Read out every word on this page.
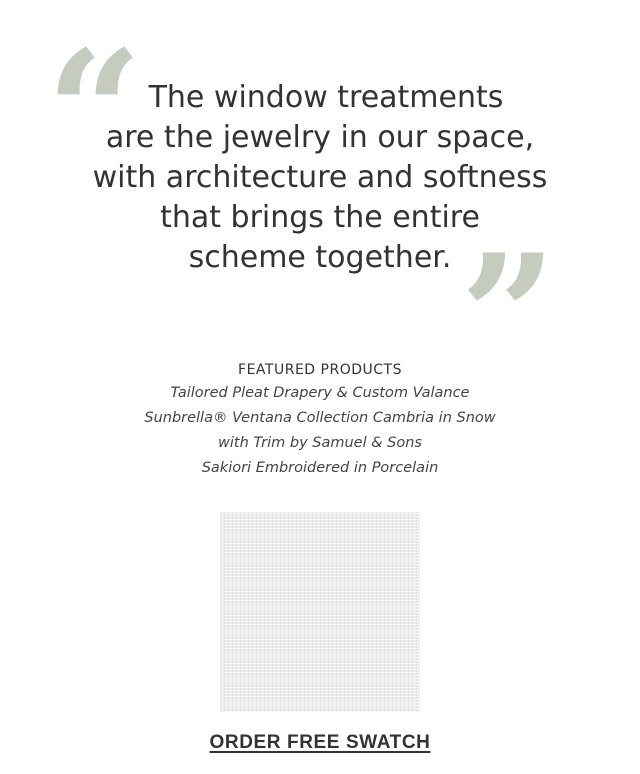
“ The window treatments
are the jewelry in our space,
with architecture and softness
that brings the entire
scheme together. ”
FEATURED PRODUCTS
Tailored Pleat Drapery & Custom Valance
Sunbrella® Ventana Collection Cambria in Snow
with Trim by Samuel & Sons
Sakiori Embroidered in Porcelain
ORDER FREE SWATCH
